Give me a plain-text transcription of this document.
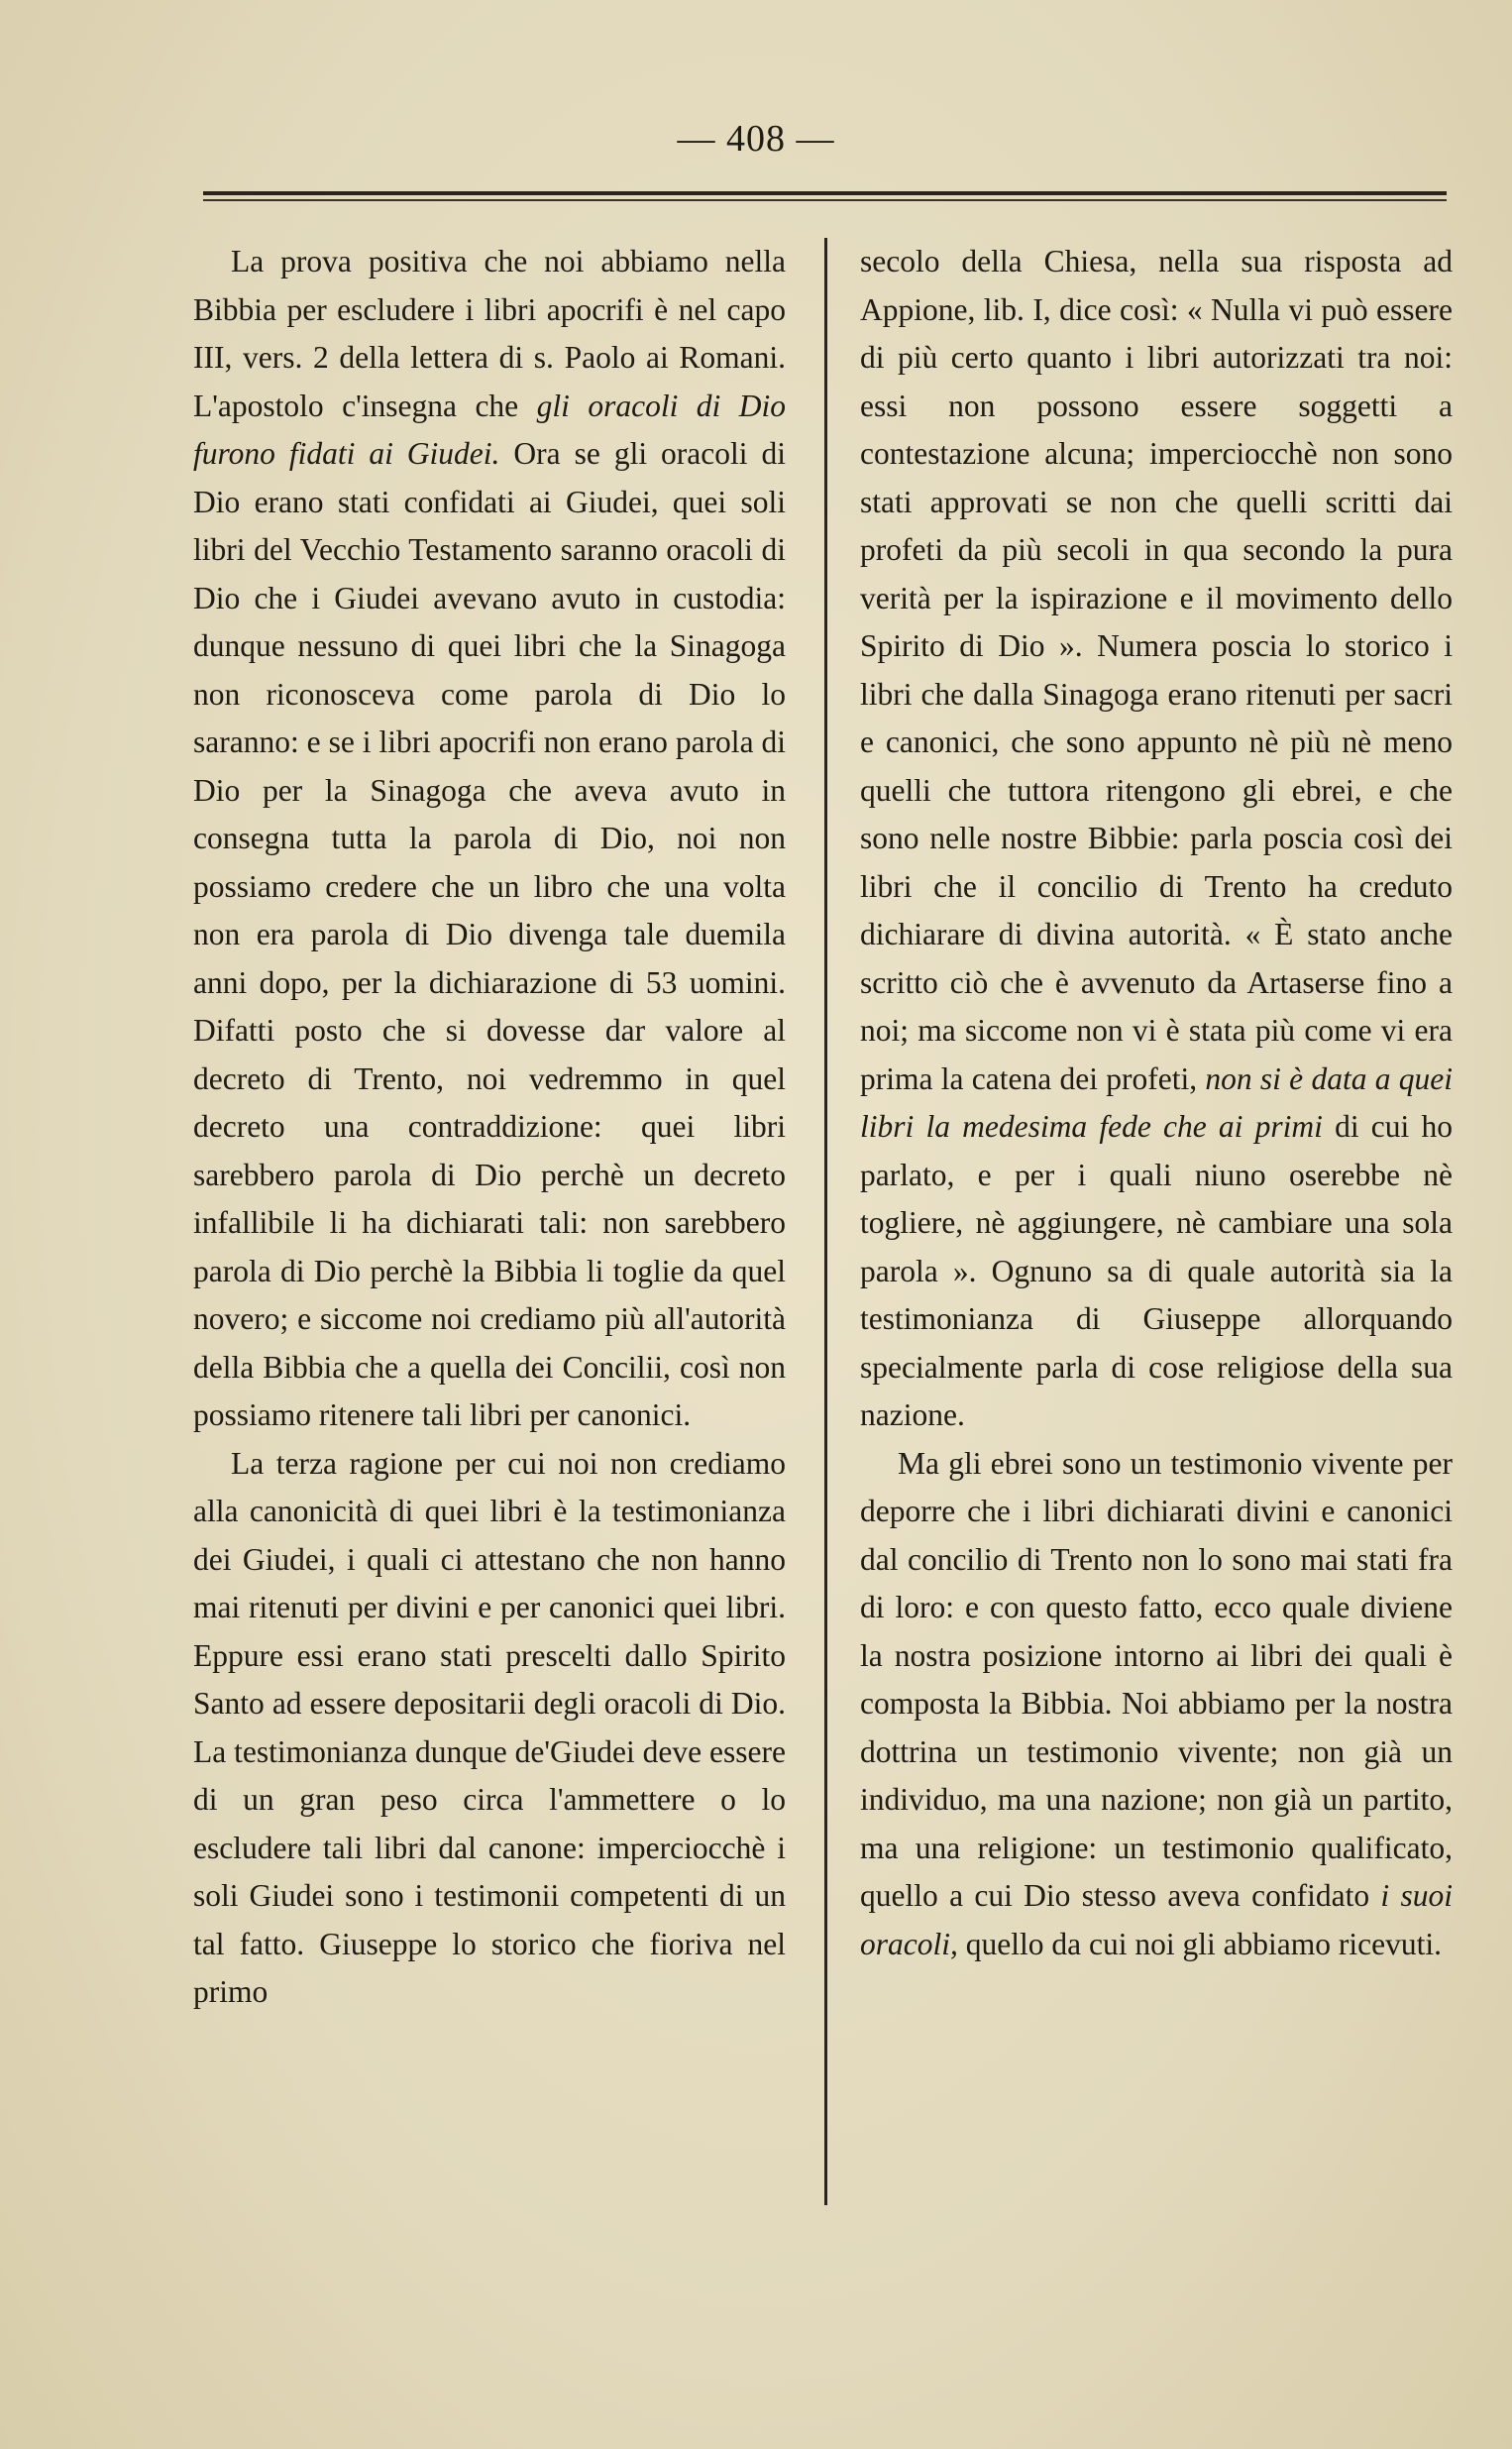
— 408 —

La prova positiva che noi abbiamo nella Bibbia per escludere i libri apocrifi è nel capo III, vers. 2 della lettera di s. Paolo ai Romani. L'apostolo c'insegna che gli oracoli di Dio furono fidati ai Giudei. Ora se gli oracoli di Dio erano stati confidati ai Giudei, quei soli libri del Vecchio Testamento saranno oracoli di Dio che i Giudei avevano avuto in custodia: dunque nessuno di quei libri che la Sinagoga non riconosceva come parola di Dio lo saranno: e se i libri apocrifi non erano parola di Dio per la Sinagoga che aveva avuto in consegna tutta la parola di Dio, noi non possiamo credere che un libro che una volta non era parola di Dio divenga tale duemila anni dopo, per la dichiarazione di 53 uomini. Difatti posto che si dovesse dar valore al decreto di Trento, noi vedremmo in quel decreto una contraddizione: quei libri sarebbero parola di Dio perchè un decreto infallibile li ha dichiarati tali: non sarebbero parola di Dio perchè la Bibbia li toglie da quel novero; e siccome noi crediamo più all'autorità della Bibbia che a quella dei Concilii, così non possiamo ritenere tali libri per canonici.

La terza ragione per cui noi non crediamo alla canonicità di quei libri è la testimonianza dei Giudei, i quali ci attestano che non hanno mai ritenuti per divini e per canonici quei libri. Eppure essi erano stati prescelti dallo Spirito Santo ad essere depositarii degli oracoli di Dio. La testimonianza dunque de'Giudei deve essere di un gran peso circa l'ammettere o lo escludere tali libri dal canone: imperciocchè i soli Giudei sono i testimonii competenti di un tal fatto. Giuseppe lo storico che fioriva nel primo

secolo della Chiesa, nella sua risposta ad Appione, lib. I, dice così: « Nulla vi può essere di più certo quanto i libri autorizzati tra noi: essi non possono essere soggetti a contestazione alcuna; imperciocchè non sono stati approvati se non che quelli scritti dai profeti da più secoli in qua secondo la pura verità per la ispirazione e il movimento dello Spirito di Dio ». Numera poscia lo storico i libri che dalla Sinagoga erano ritenuti per sacri e canonici, che sono appunto nè più nè meno quelli che tuttora ritengono gli ebrei, e che sono nelle nostre Bibbie: parla poscia così dei libri che il concilio di Trento ha creduto dichiarare di divina autorità. « È stato anche scritto ciò che è avvenuto da Artaserse fino a noi; ma siccome non vi è stata più come vi era prima la catena dei profeti, non si è data a quei libri la medesima fede che ai primi di cui ho parlato, e per i quali niuno oserebbe nè togliere, nè aggiungere, nè cambiare una sola parola ». Ognuno sa di quale autorità sia la testimonianza di Giuseppe allorquando specialmente parla di cose religiose della sua nazione.

Ma gli ebrei sono un testimonio vivente per deporre che i libri dichiarati divini e canonici dal concilio di Trento non lo sono mai stati fra di loro: e con questo fatto, ecco quale diviene la nostra posizione intorno ai libri dei quali è composta la Bibbia. Noi abbiamo per la nostra dottrina un testimonio vivente; non già un individuo, ma una nazione; non già un partito, ma una religione: un testimonio qualificato, quello a cui Dio stesso aveva confidato i suoi oracoli, quello da cui noi gli abbiamo ricevuti.
